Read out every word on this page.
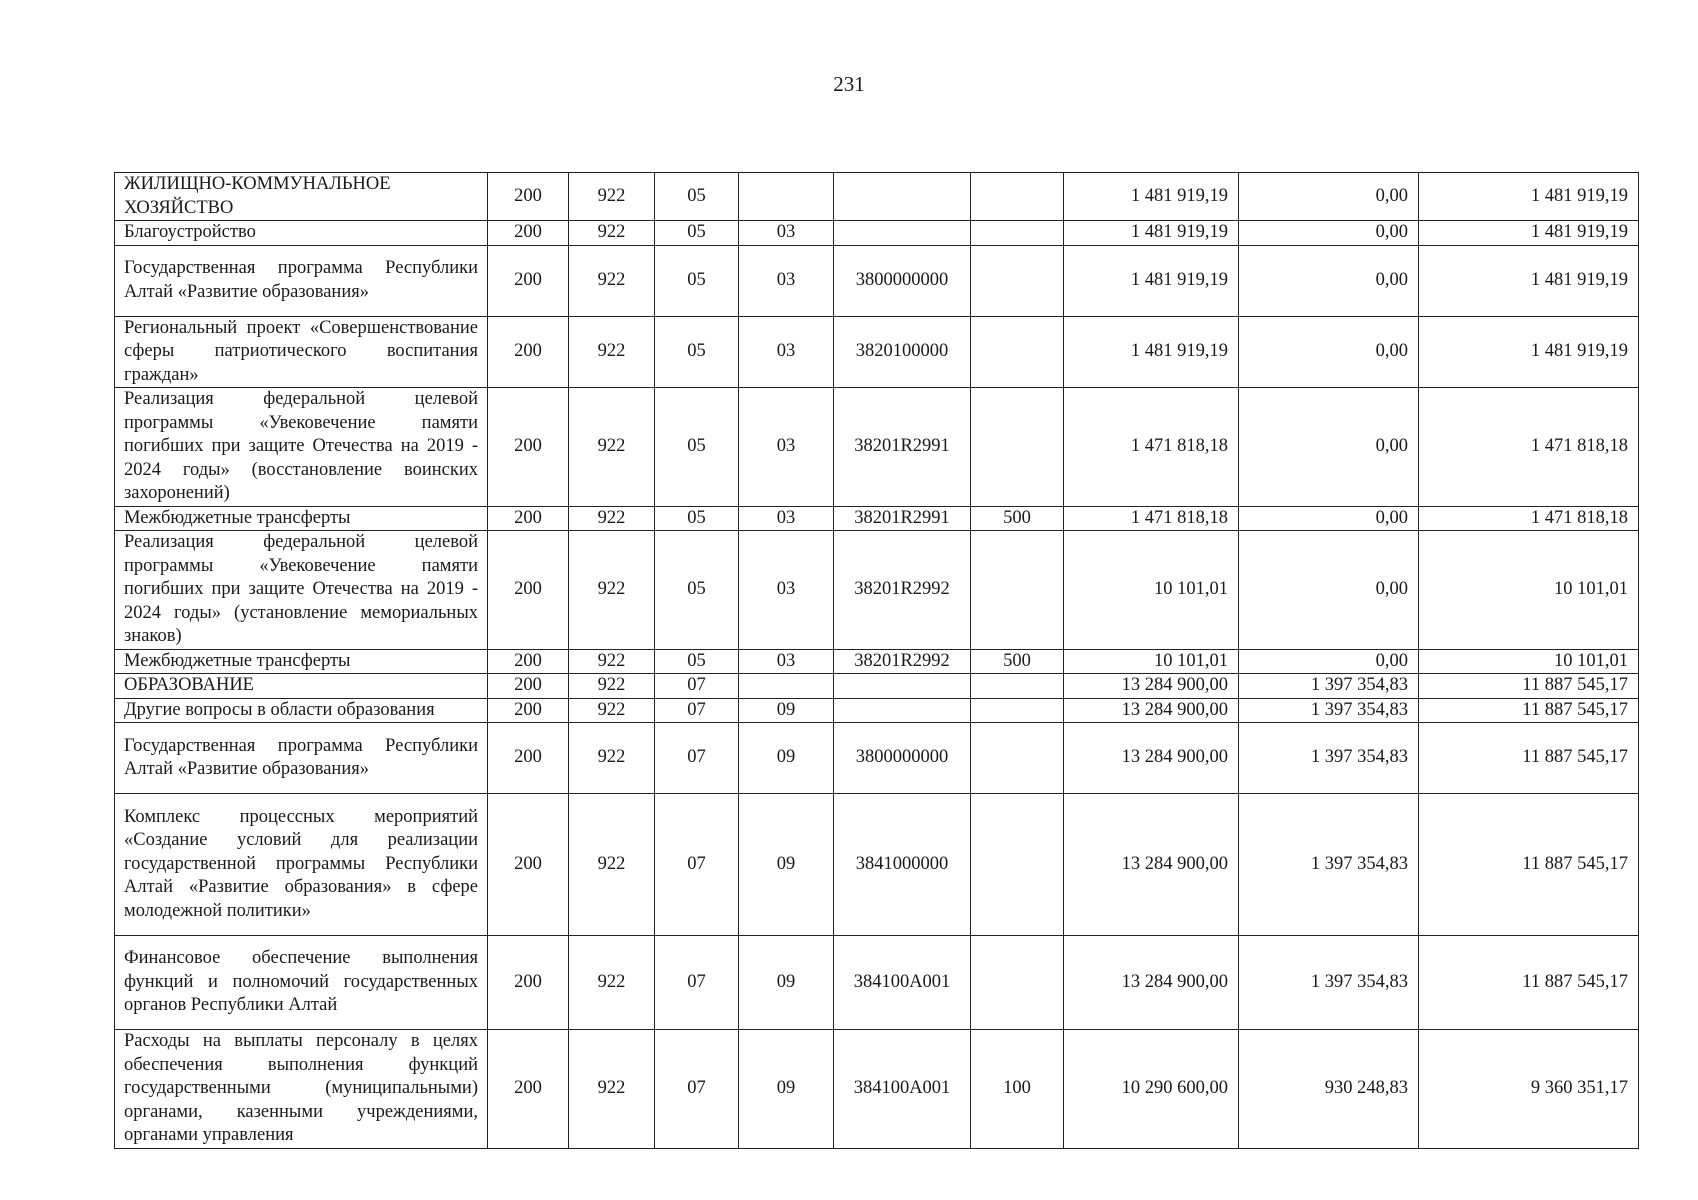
231
ЖИЛИЩНО-КОММУНАЛЬНОЕ ХОЗЯЙСТВО	200	922	05				1 481 919,19	0,00	1 481 919,19
Благоустройство	200	922	05	03			1 481 919,19	0,00	1 481 919,19
Государственная программа Республики Алтай «Развитие образования»	200	922	05	03	3800000000		1 481 919,19	0,00	1 481 919,19
Региональный проект «Совершенствование сферы патриотического воспитания граждан»	200	922	05	03	3820100000		1 481 919,19	0,00	1 481 919,19
Реализация федеральной целевой программы «Увековечение памяти погибших при защите Отечества на 2019 - 2024 годы» (восстановление воинских захоронений)	200	922	05	03	38201R2991		1 471 818,18	0,00	1 471 818,18
Межбюджетные трансферты	200	922	05	03	38201R2991	500	1 471 818,18	0,00	1 471 818,18
Реализация федеральной целевой программы «Увековечение памяти погибших при защите Отечества на 2019 - 2024 годы» (установление мемориальных знаков)	200	922	05	03	38201R2992		10 101,01	0,00	10 101,01
Межбюджетные трансферты	200	922	05	03	38201R2992	500	10 101,01	0,00	10 101,01
ОБРАЗОВАНИЕ	200	922	07				13 284 900,00	1 397 354,83	11 887 545,17
Другие вопросы в области образования	200	922	07	09			13 284 900,00	1 397 354,83	11 887 545,17
Государственная программа Республики Алтай «Развитие образования»	200	922	07	09	3800000000		13 284 900,00	1 397 354,83	11 887 545,17
Комплекс процессных мероприятий «Создание условий для реализации государственной программы Республики Алтай «Развитие образования» в сфере молодежной политики»	200	922	07	09	3841000000		13 284 900,00	1 397 354,83	11 887 545,17
Финансовое обеспечение выполнения функций и полномочий государственных органов Республики Алтай	200	922	07	09	384100А001		13 284 900,00	1 397 354,83	11 887 545,17
Расходы на выплаты персоналу в целях обеспечения выполнения функций государственными (муниципальными) органами, казенными учреждениями, органами управления	200	922	07	09	384100А001	100	10 290 600,00	930 248,83	9 360 351,17
